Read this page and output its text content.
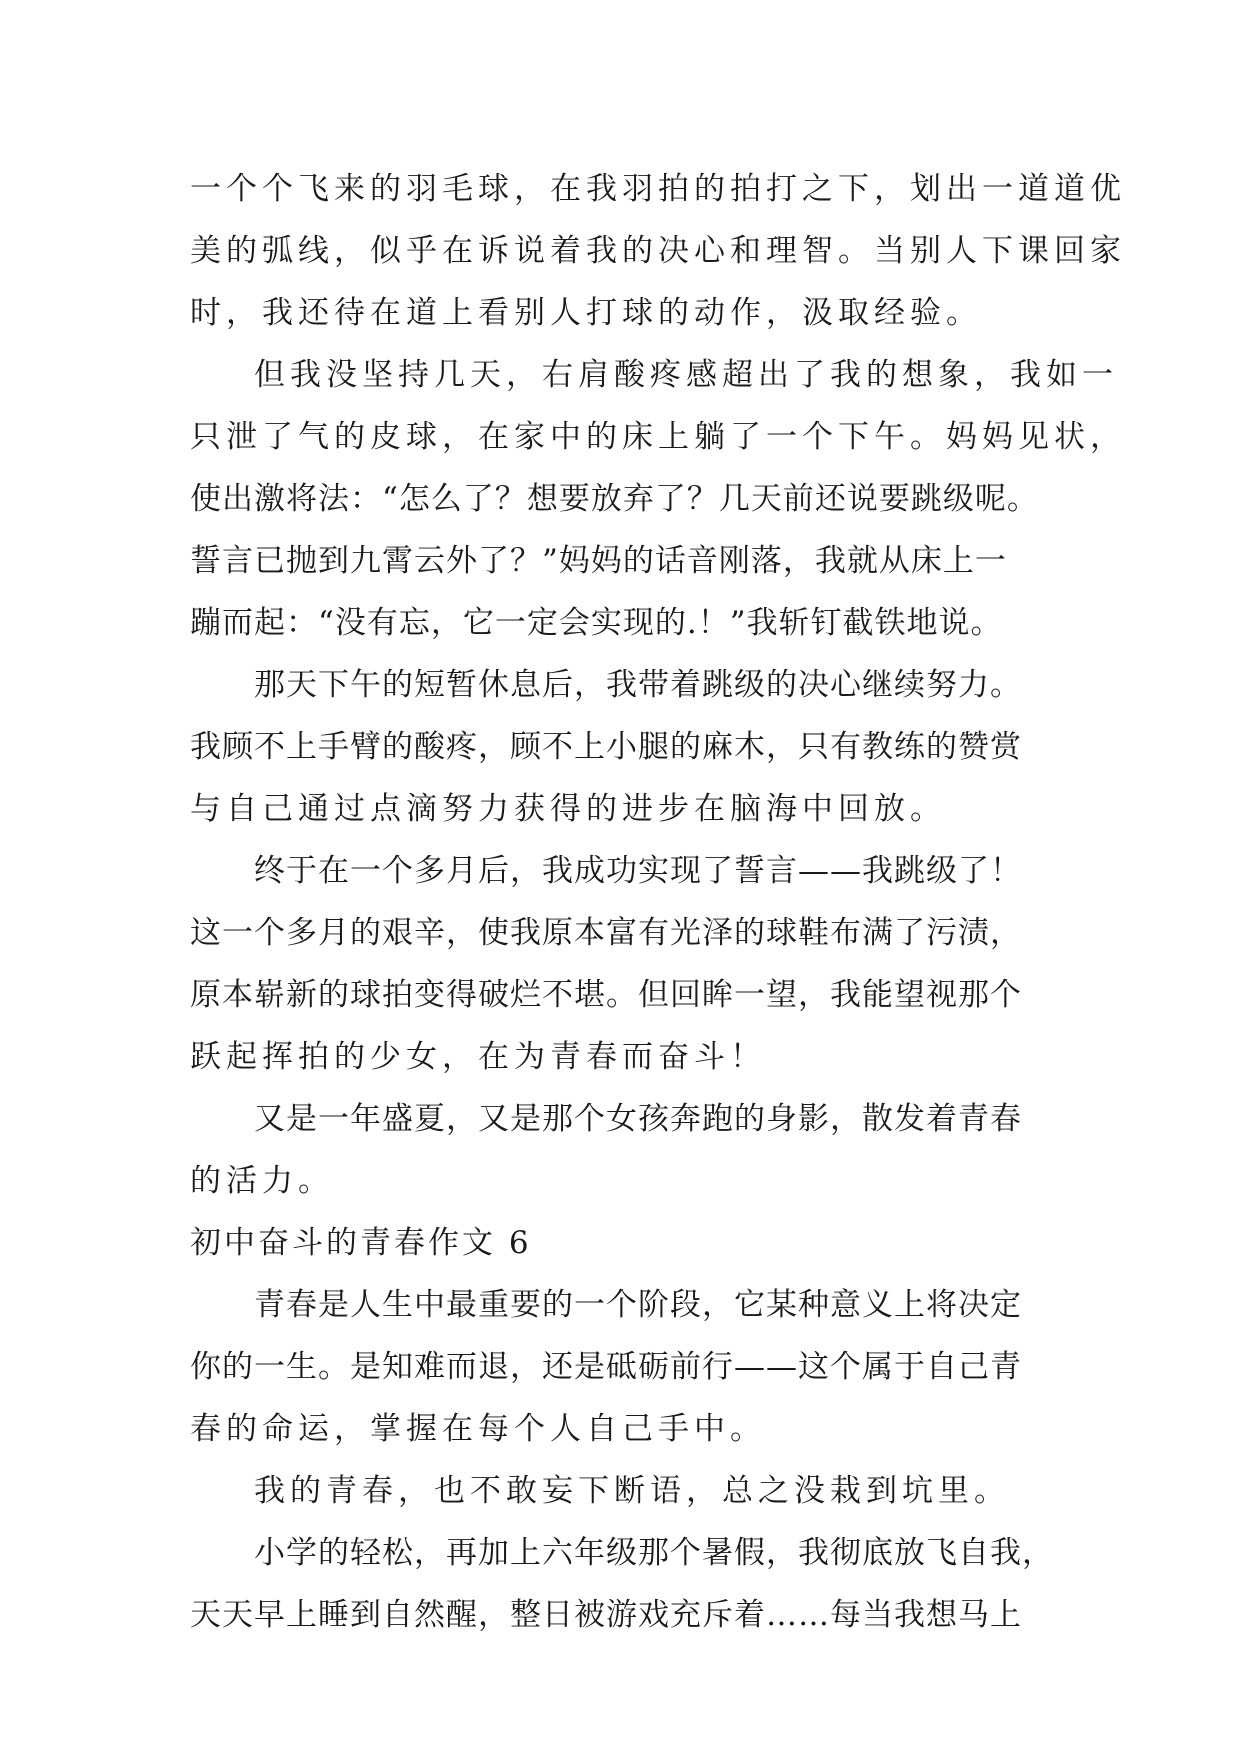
一个个飞来的羽毛球，在我羽拍的拍打之下，划出一道道优
美的弧线，似乎在诉说着我的决心和理智。当别人下课回家
时，我还待在道上看别人打球的动作，汲取经验。
但我没坚持几天，右肩酸疼感超出了我的想象，我如一
只泄了气的皮球，在家中的床上躺了一个下午。妈妈见状，
使出激将法：“怎么了？想要放弃了？几天前还说要跳级呢。
誓言已抛到九霄云外了？”妈妈的话音刚落，我就从床上一
蹦而起：“没有忘，它一定会实现的.！”我斩钉截铁地说。
那天下午的短暂休息后，我带着跳级的决心继续努力。
我顾不上手臂的酸疼，顾不上小腿的麻木，只有教练的赞赏
与自己通过点滴努力获得的进步在脑海中回放。
终于在一个多月后，我成功实现了誓言——我跳级了！
这一个多月的艰辛，使我原本富有光泽的球鞋布满了污渍，
原本崭新的球拍变得破烂不堪。但回眸一望，我能望视那个
跃起挥拍的少女，在为青春而奋斗！
又是一年盛夏，又是那个女孩奔跑的身影，散发着青春
的活力。
初中奋斗的青春作文 6
青春是人生中最重要的一个阶段，它某种意义上将决定
你的一生。是知难而退，还是砥砺前行——这个属于自己青
春的命运，掌握在每个人自己手中。
我的青春，也不敢妄下断语，总之没栽到坑里。
小学的轻松，再加上六年级那个暑假，我彻底放飞自我，
天天早上睡到自然醒，整日被游戏充斥着……每当我想马上
